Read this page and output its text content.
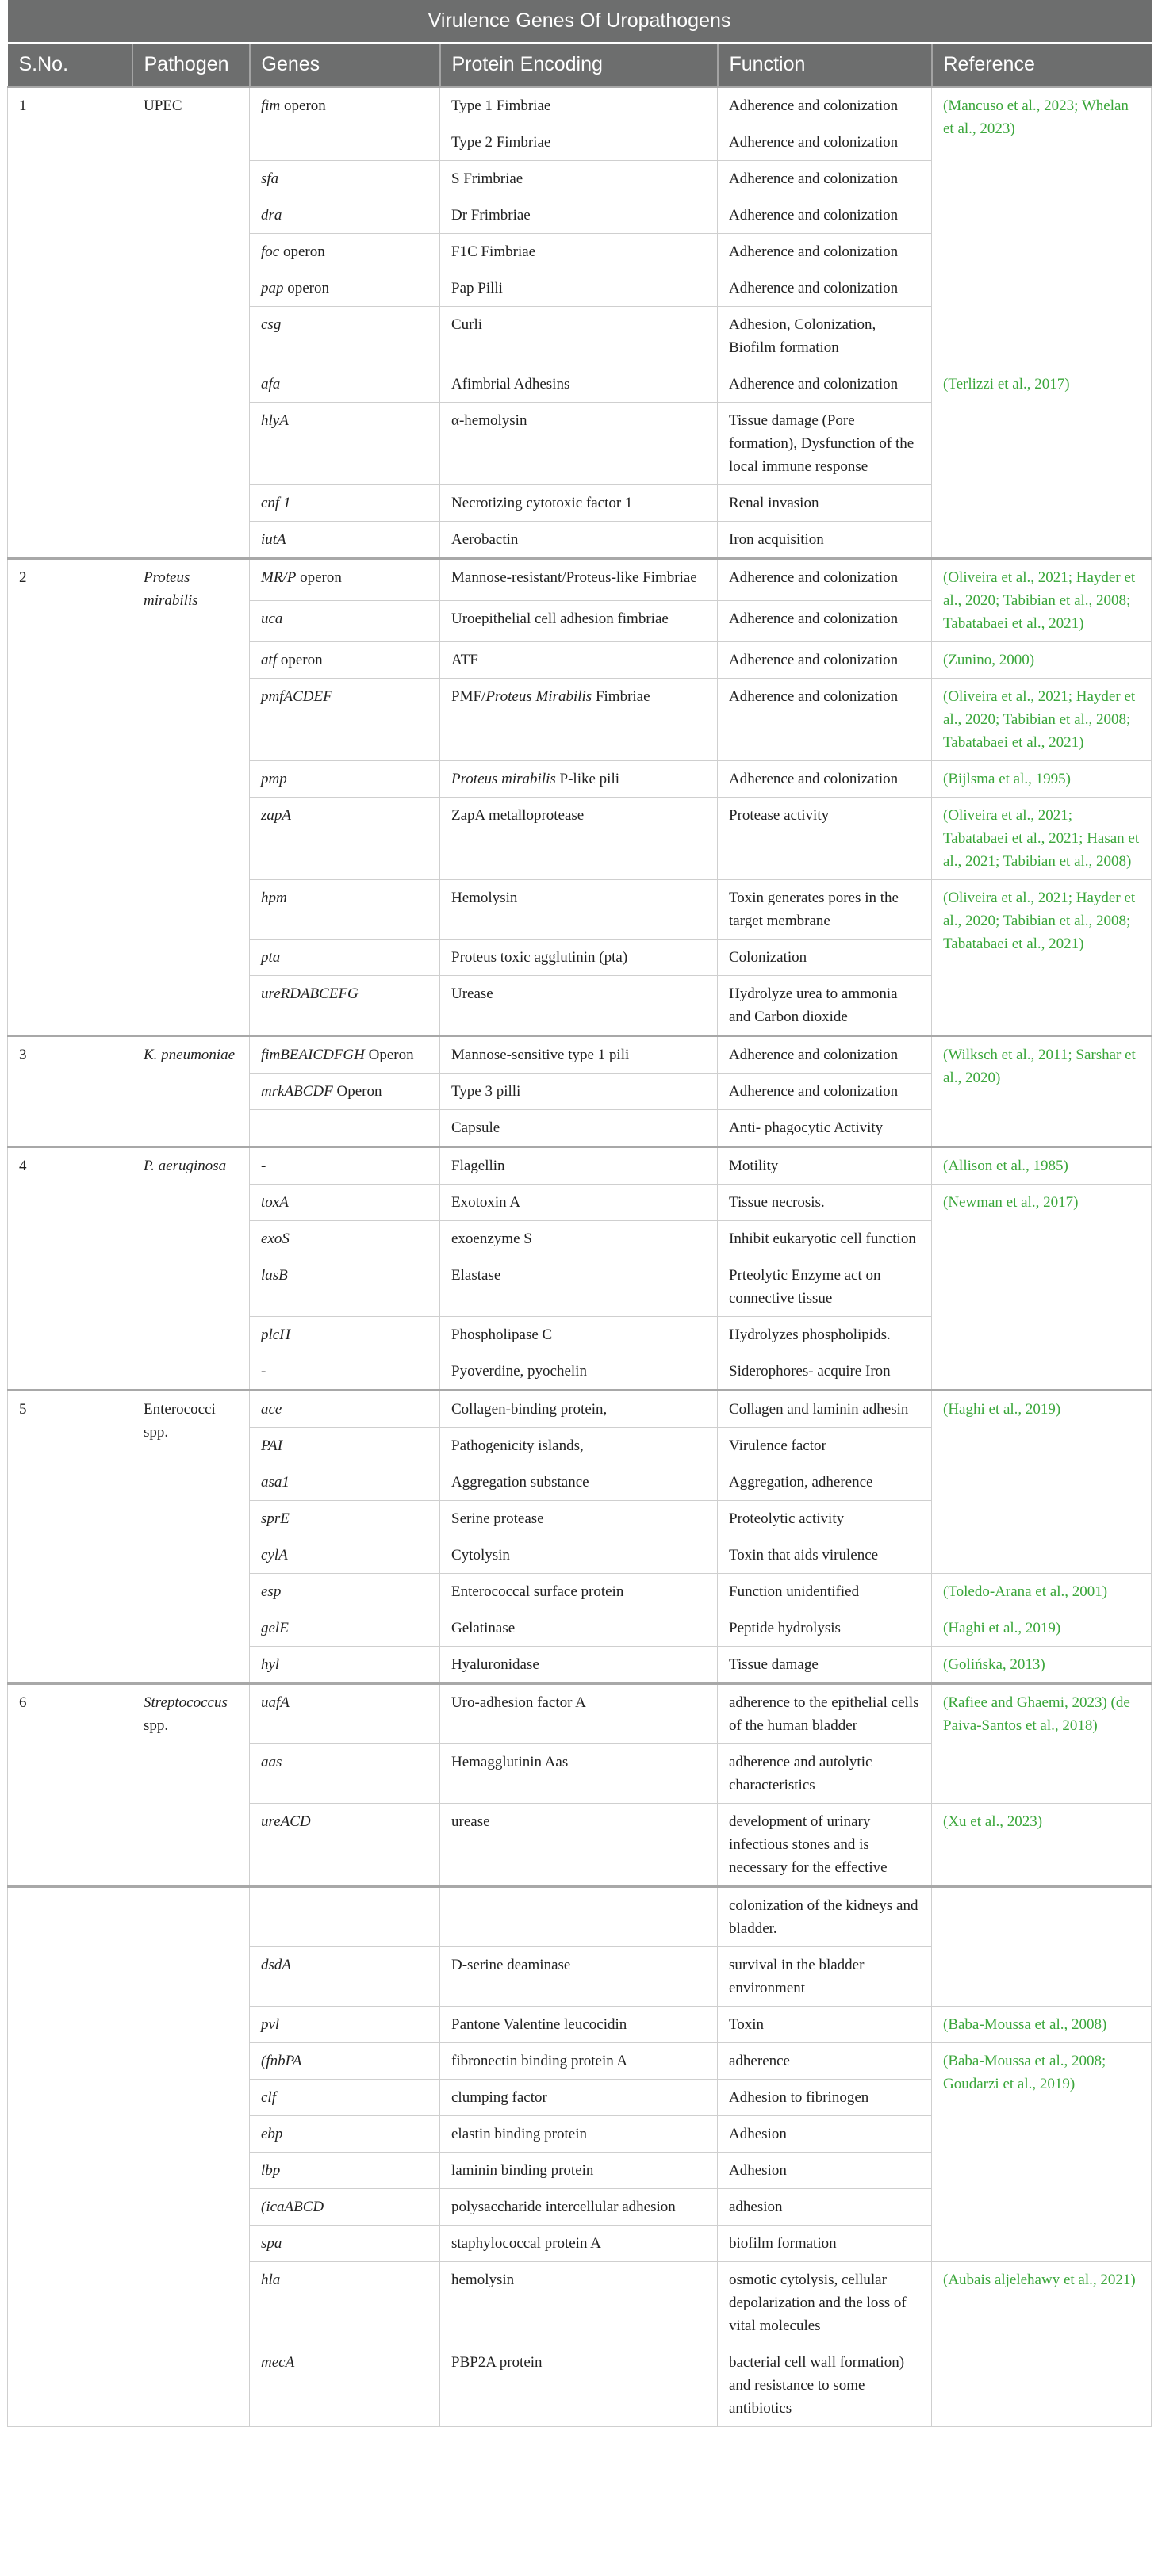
Virulence Genes Of Uropathogens					
S.No.	Pathogen	Genes	Protein Encoding	Function	Reference
1	UPEC	fim operon	Type 1 Fimbriae	Adherence and colonization	(Mancuso et al., 2023; Whelan et al., 2023)
			Type 2 Fimbriae	Adherence and colonization	
		sfa	S Frimbriae	Adherence and colonization	
		dra	Dr Frimbriae	Adherence and colonization	
		foc operon	F1C Fimbriae	Adherence and colonization	
		pap operon	Pap Pilli	Adherence and colonization	
		csg	Curli	Adhesion, Colonization, Biofilm formation	
		afa	Afimbrial Adhesins	Adherence and colonization	(Terlizzi et al., 2017)
		hlyA	α-hemolysin	Tissue damage (Pore formation), Dysfunction of the local immune response	
		cnf 1	Necrotizing cytotoxic factor 1	Renal invasion	
		iutA	Aerobactin	Iron acquisition	
2	Proteus mirabilis	MR/P operon	Mannose-resistant/Proteus-like Fimbriae	Adherence and colonization	(Oliveira et al., 2021; Hayder et al., 2020; Tabibian et al., 2008; Tabatabaei et al., 2021)
		uca	Uroepithelial cell adhesion fimbriae	Adherence and colonization	
		atf operon	ATF	Adherence and colonization	(Zunino, 2000)
		pmfACDEF	PMF/Proteus Mirabilis Fimbriae	Adherence and colonization	(Oliveira et al., 2021; Hayder et al., 2020; Tabibian et al., 2008; Tabatabaei et al., 2021)
		pmp	Proteus mirabilis P-like pili	Adherence and colonization	(Bijlsma et al., 1995)
		zapA	ZapA metalloprotease	Protease activity	(Oliveira et al., 2021; Tabatabaei et al., 2021; Hasan et al., 2021; Tabibian et al., 2008)
		hpm	Hemolysin	Toxin generates pores in the target membrane	(Oliveira et al., 2021; Hayder et al., 2020; Tabibian et al., 2008; Tabatabaei et al., 2021)
		pta	Proteus toxic agglutinin (pta)	Colonization	
		ureRDABCEFG	Urease	Hydrolyze urea to ammonia and Carbon dioxide	
3	K. pneumoniae	fimBEAICDFGH Operon	Mannose-sensitive type 1 pili	Adherence and colonization	(Wilksch et al., 2011; Sarshar et al., 2020)
		mrkABCDF Operon	Type 3 pilli	Adherence and colonization	
			Capsule	Anti- phagocytic Activity	
4	P. aeruginosa	-	Flagellin	Motility	(Allison et al., 1985)
		toxA	Exotoxin A	Tissue necrosis.	(Newman et al., 2017)
		exoS	exoenzyme S	Inhibit eukaryotic cell function	
		lasB	Elastase	Prteolytic Enzyme act on connective tissue	
		plcH	Phospholipase C	Hydrolyzes phospholipids.	
		-	Pyoverdine, pyochelin	Siderophores- acquire Iron	
5	Enterococci spp.	ace	Collagen-binding protein,	Collagen and laminin adhesin	(Haghi et al., 2019)
		PAI	Pathogenicity islands,	Virulence factor	
		asa1	Aggregation substance	Aggregation, adherence	
		sprE	Serine protease	Proteolytic activity	
		cylA	Cytolysin	Toxin that aids virulence	
		esp	Enterococcal surface protein	Function unidentified	(Toledo-Arana et al., 2001)
		gelE	Gelatinase	Peptide hydrolysis	(Haghi et al., 2019)
		hyl	Hyaluronidase	Tissue damage	(Golińska, 2013)
6	Streptococcus spp.	uafA	Uro-adhesion factor A	adherence to the epithelial cells of the human bladder	(Rafiee and Ghaemi, 2023) (de Paiva-Santos et al., 2018)
		aas	Hemagglutinin Aas	adherence and autolytic characteristics	
		ureACD	urease	development of urinary infectious stones and is necessary for the effective	(Xu et al., 2023)
				colonization of the kidneys and bladder.	
		dsdA	D-serine deaminase	survival in the bladder environment	
		pvl	Pantone Valentine leucocidin	Toxin	(Baba-Moussa et al., 2008)
		(fnbPA	fibronectin binding protein A	adherence	(Baba-Moussa et al., 2008; Goudarzi et al., 2019)
		clf	clumping factor	Adhesion to fibrinogen	
		ebp	elastin binding protein	Adhesion	
		lbp	laminin binding protein	Adhesion	
		(icaABCD	polysaccharide intercellular adhesion	adhesion	
		spa	staphylococcal protein A	biofilm formation	
		hla	hemolysin	osmotic cytolysis, cellular depolarization and the loss of vital molecules	(Aubais aljelehawy et al., 2021)
		mecA	PBP2A protein	bacterial cell wall formation) and resistance to some antibiotics	
